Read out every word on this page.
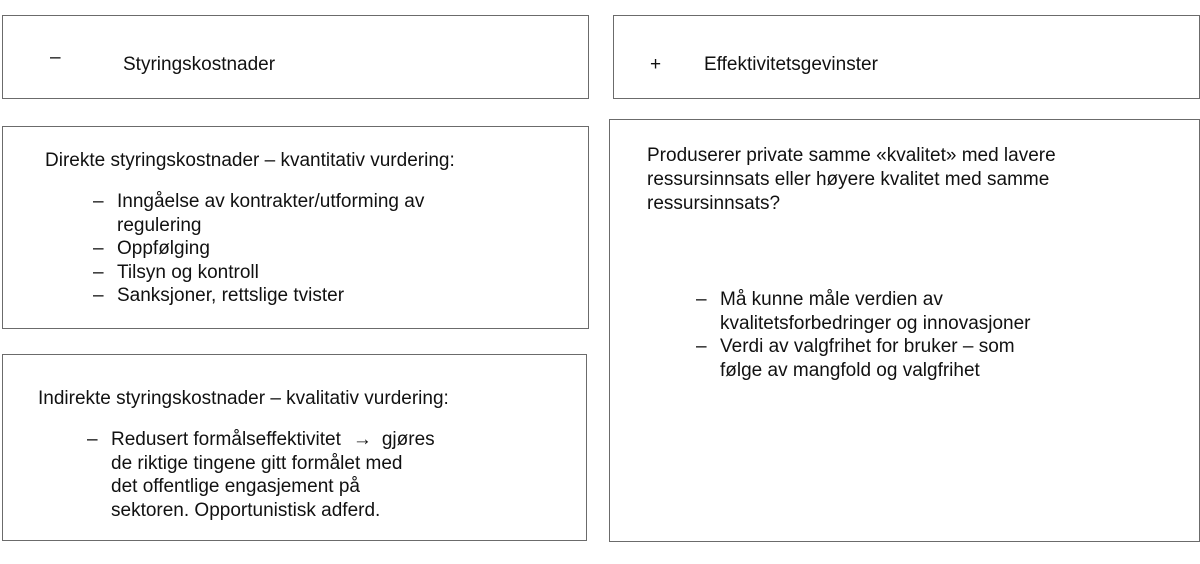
–	Styringskostnader	+ Effektivitetsgevinster

Direkte styringskostnader – kvantitativ vurdering:

– Inngåelse av kontrakter/utforming av
regulering
– Oppfølging
– Tilsyn og kontroll
– Sanksjoner, rettslige tvister

Indirekte styringskostnader – kvalitativ vurdering:

– Redusert formålseffektivitet → gjøres
de riktige tingene gitt formålet med
det offentlige engasjement på
sektoren. Opportunistisk adferd.

Produserer private samme «kvalitet» med lavere
ressursinnsats eller høyere kvalitet med samme
ressursinnsats?

– Må kunne måle verdien av
kvalitetsforbedringer og innovasjoner
– Verdi av valgfrihet for bruker – som
følge av mangfold og valgfrihet
